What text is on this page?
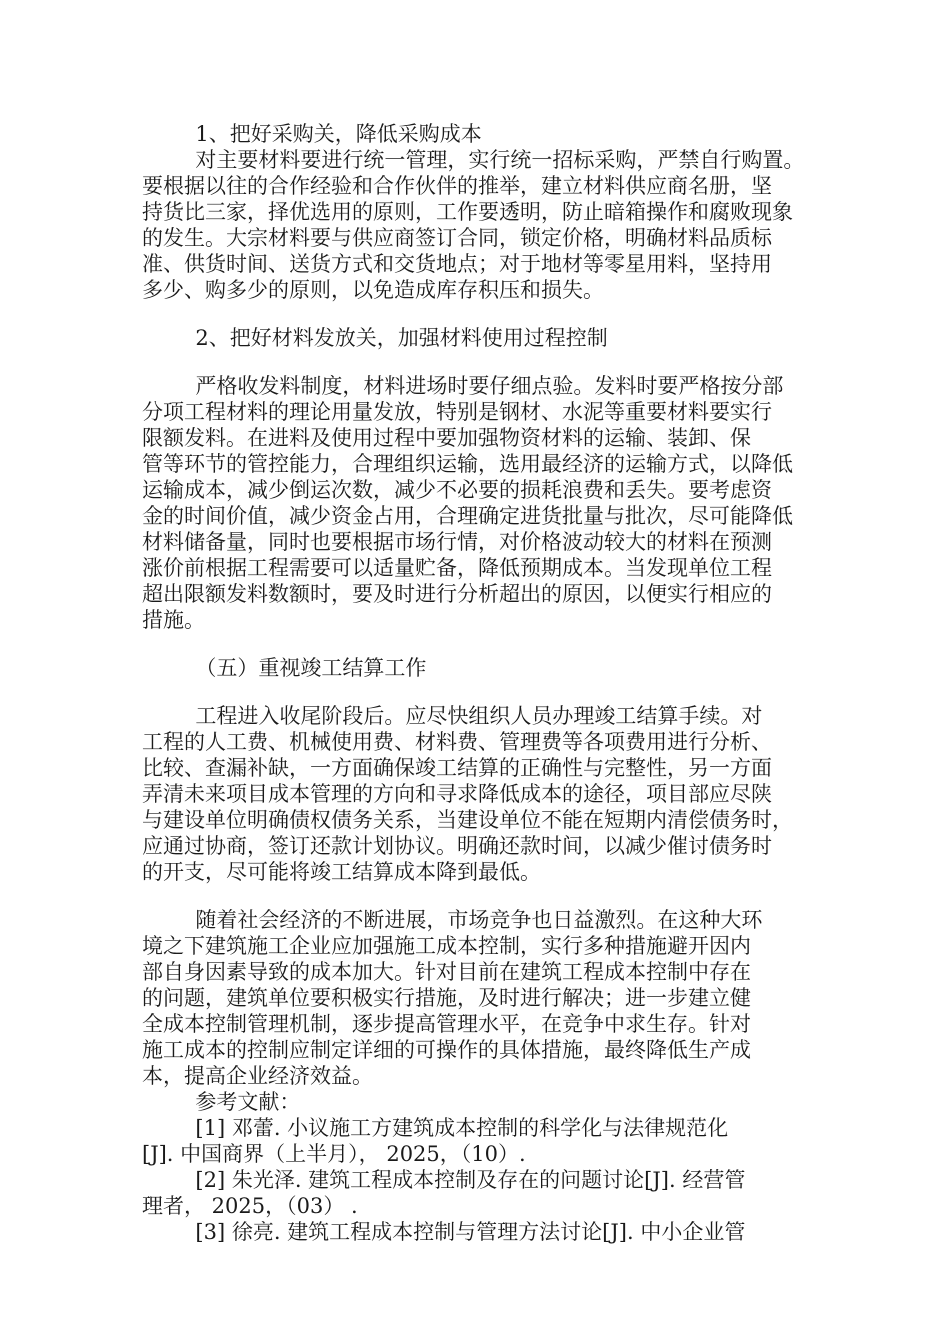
1、把好采购关，降低采购成本
对主要材料要进行统一管理，实行统一招标采购，严禁自行购置。
要根据以往的合作经验和合作伙伴的推举，建立材料供应商名册，坚
持货比三家，择优选用的原则，工作要透明，防止暗箱操作和腐败现象
的发生。大宗材料要与供应商签订合同，锁定价格，明确材料品质标
准、供货时间、送货方式和交货地点；对于地材等零星用料，坚持用
多少、购多少的原则，以免造成库存积压和损失。
2、把好材料发放关，加强材料使用过程控制
严格收发料制度，材料进场时要仔细点验。发料时要严格按分部
分项工程材料的理论用量发放，特别是钢材、水泥等重要材料要实行
限额发料。在进料及使用过程中要加强物资材料的运输、装卸、保
管等环节的管控能力，合理组织运输，选用最经济的运输方式，以降低
运输成本，减少倒运次数，减少不必要的损耗浪费和丢失。要考虑资
金的时间价值，减少资金占用，合理确定进货批量与批次，尽可能降低
材料储备量，同时也要根据市场行情，对价格波动较大的材料在预测
涨价前根据工程需要可以适量贮备，降低预期成本。当发现单位工程
超出限额发料数额时，要及时进行分析超出的原因，以便实行相应的
措施。
（五）重视竣工结算工作
工程进入收尾阶段后。应尽快组织人员办理竣工结算手续。对
工程的人工费、机械使用费、材料费、管理费等各项费用进行分析、
比较、查漏补缺，一方面确保竣工结算的正确性与完整性，另一方面
弄清未来项目成本管理的方向和寻求降低成本的途径，项目部应尽陕
与建设单位明确债权债务关系，当建设单位不能在短期内清偿债务时，
应通过协商，签订还款计划协议。明确还款时间，以减少催讨债务时
的开支，尽可能将竣工结算成本降到最低。
随着社会经济的不断进展，市场竞争也日益激烈。在这种大环
境之下建筑施工企业应加强施工成本控制，实行多种措施避开因内
部自身因素导致的成本加大。针对目前在建筑工程成本控制中存在
的问题，建筑单位要积极实行措施，及时进行解决；进一步建立健
全成本控制管理机制，逐步提高管理水平，在竞争中求生存。针对
施工成本的控制应制定详细的可操作的具体措施，最终降低生产成
本，提高企业经济效益。
参考文献：
[1] 邓蕾. 小议施工方建筑成本控制的科学化与法律规范化
[J]. 中国商界（上半月）， 2025，（10）.
[2] 朱光泽. 建筑工程成本控制及存在的问题讨论[J]. 经营管
理者， 2025，（03） .
[3] 徐亮. 建筑工程成本控制与管理方法讨论[J]. 中小企业管
